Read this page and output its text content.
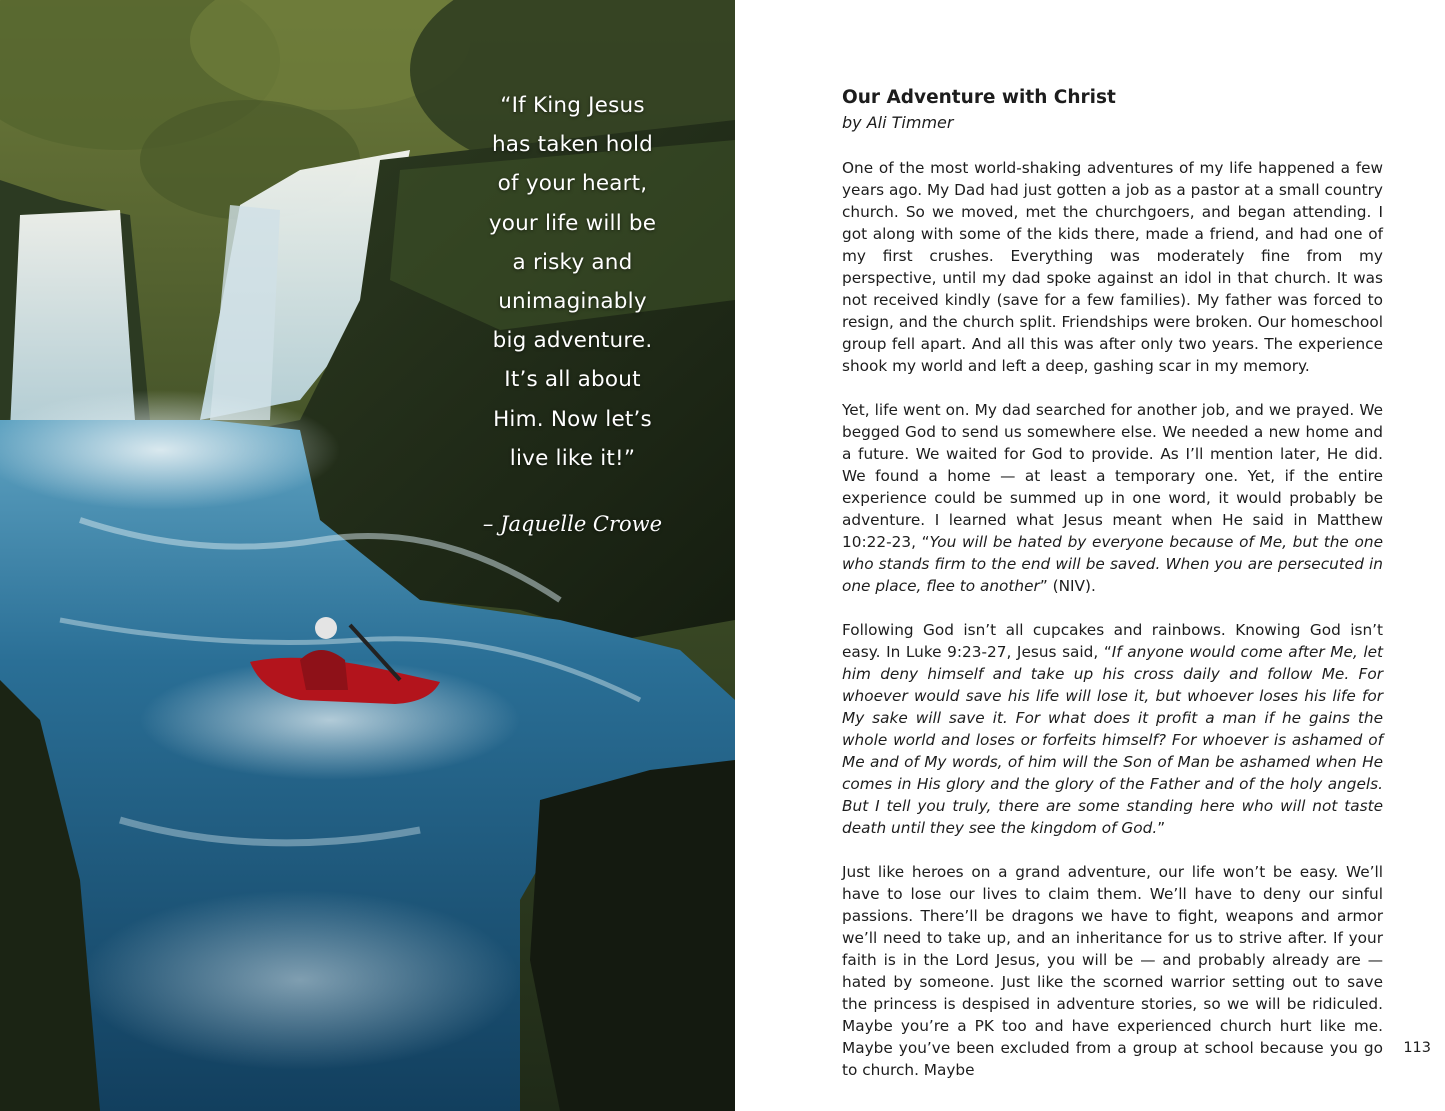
“If King Jesus
has taken hold
of your heart,
your life will be
a risky and
unimaginably
big adventure.
It’s all about
Him. Now let’s
live like it!”
– Jaquelle Crowe
Our Adventure with Christ
by Ali Timmer

One of the most world-shaking adventures of my life happened a few years ago. My Dad had just gotten a job as a pastor at a small country church. So we moved, met the churchgoers, and began attending. I got along with some of the kids there, made a friend, and had one of my first crushes. Everything was moderately fine from my perspective, until my dad spoke against an idol in that church. It was not received kindly (save for a few families). My father was forced to resign, and the church split. Friendships were broken. Our homeschool group fell apart. And all this was after only two years. The experience shook my world and left a deep, gashing scar in my memory.

Yet, life went on. My dad searched for another job, and we prayed. We begged God to send us somewhere else. We needed a new home and a future. We waited for God to provide. As I’ll mention later, He did. We found a home — at least a temporary one. Yet, if the entire experience could be summed up in one word, it would probably be adventure. I learned what Jesus meant when He said in Matthew 10:22-23, “You will be hated by everyone because of Me, but the one who stands firm to the end will be saved. When you are persecuted in one place, flee to another” (NIV).

Following God isn’t all cupcakes and rainbows. Knowing God isn’t easy. In Luke 9:23-27, Jesus said, “If anyone would come after Me, let him deny himself and take up his cross daily and follow Me. For whoever would save his life will lose it, but whoever loses his life for My sake will save it. For what does it profit a man if he gains the whole world and loses or forfeits himself? For whoever is ashamed of Me and of My words, of him will the Son of Man be ashamed when He comes in His glory and the glory of the Father and of the holy angels. But I tell you truly, there are some standing here who will not taste death until they see the kingdom of God.”

Just like heroes on a grand adventure, our life won’t be easy. We’ll have to lose our lives to claim them. We’ll have to deny our sinful passions. There’ll be dragons we have to fight, weapons and armor we’ll need to take up, and an inheritance for us to strive after. If your faith is in the Lord Jesus, you will be — and probably already are — hated by someone. Just like the scorned warrior setting out to save the princess is despised in adventure stories, so we will be ridiculed. Maybe you’re a PK too and have experienced church hurt like me. Maybe you’ve been excluded from a group at school because you go to church. Maybe

113
